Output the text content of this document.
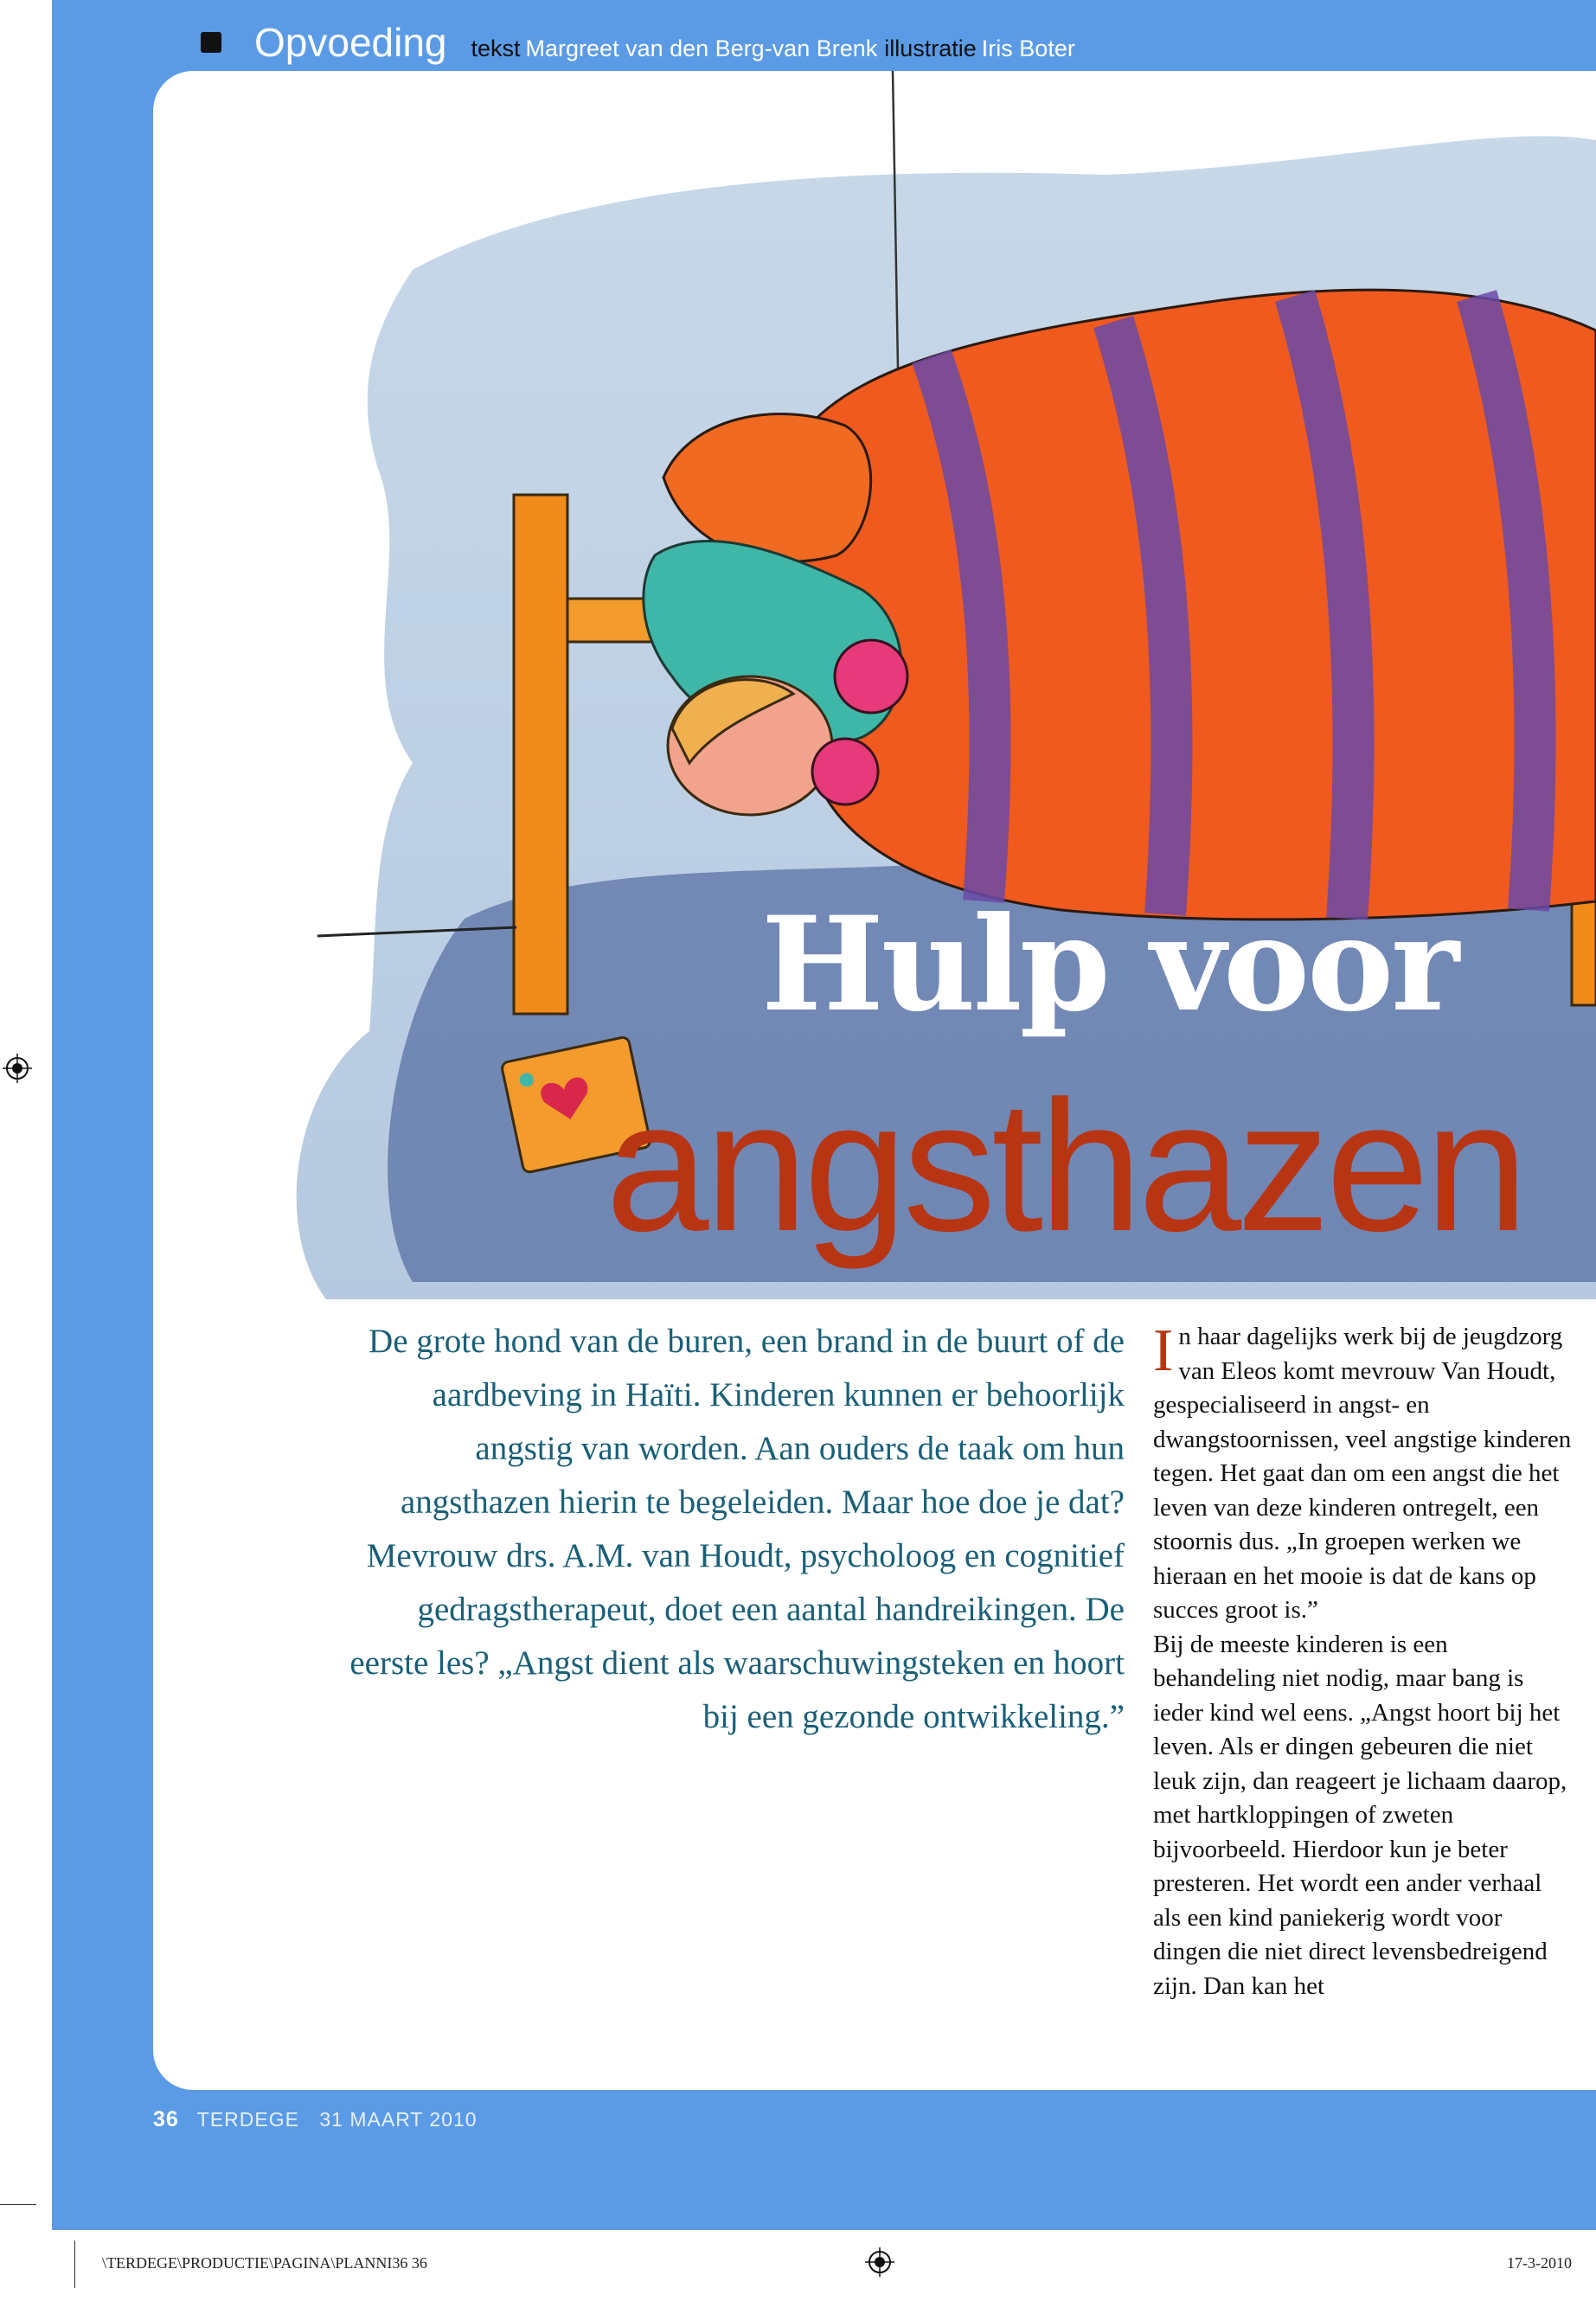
Opvoeding tekst Margreet van den Berg-van Brenk illustratie Iris Boter
Hulp voor
angsthazen
De grote hond van de buren, een brand in de buurt of de aardbeving in Haïti. Kinderen kunnen er behoorlijk angstig van worden. Aan ouders de taak om hun angsthazen hierin te begeleiden. Maar hoe doe je dat? Mevrouw drs. A.M. van Houdt, psycholoog en cognitief gedragstherapeut, doet een aantal handreikingen. De eerste les? „Angst dient als waarschuwingsteken en hoort bij een gezonde ontwikkeling.”

In haar dagelijks werk bij de jeugdzorg van Eleos komt mevrouw Van Houdt, gespecialiseerd in angst- en dwangstoornissen, veel angstige kinderen tegen. Het gaat dan om een angst die het leven van deze kinderen ontregelt, een stoornis dus. „In groepen werken we hieraan en het mooie is dat de kans op succes groot is.”

Bij de meeste kinderen is een behandeling niet nodig, maar bang is ieder kind wel eens. „Angst hoort bij het leven. Als er dingen gebeuren die niet leuk zijn, dan reageert je lichaam daarop, met hartkloppingen of zweten bijvoorbeeld. Hierdoor kun je beter presteren. Het wordt een ander verhaal als een kind paniekerig wordt voor dingen die niet direct levensbedreigend zijn. Dan kan het

36 TERDEGE 31 MAART 2010
\TERDEGE\PRODUCTIE\PAGINA\PLANNI36 36	17-3-2010
